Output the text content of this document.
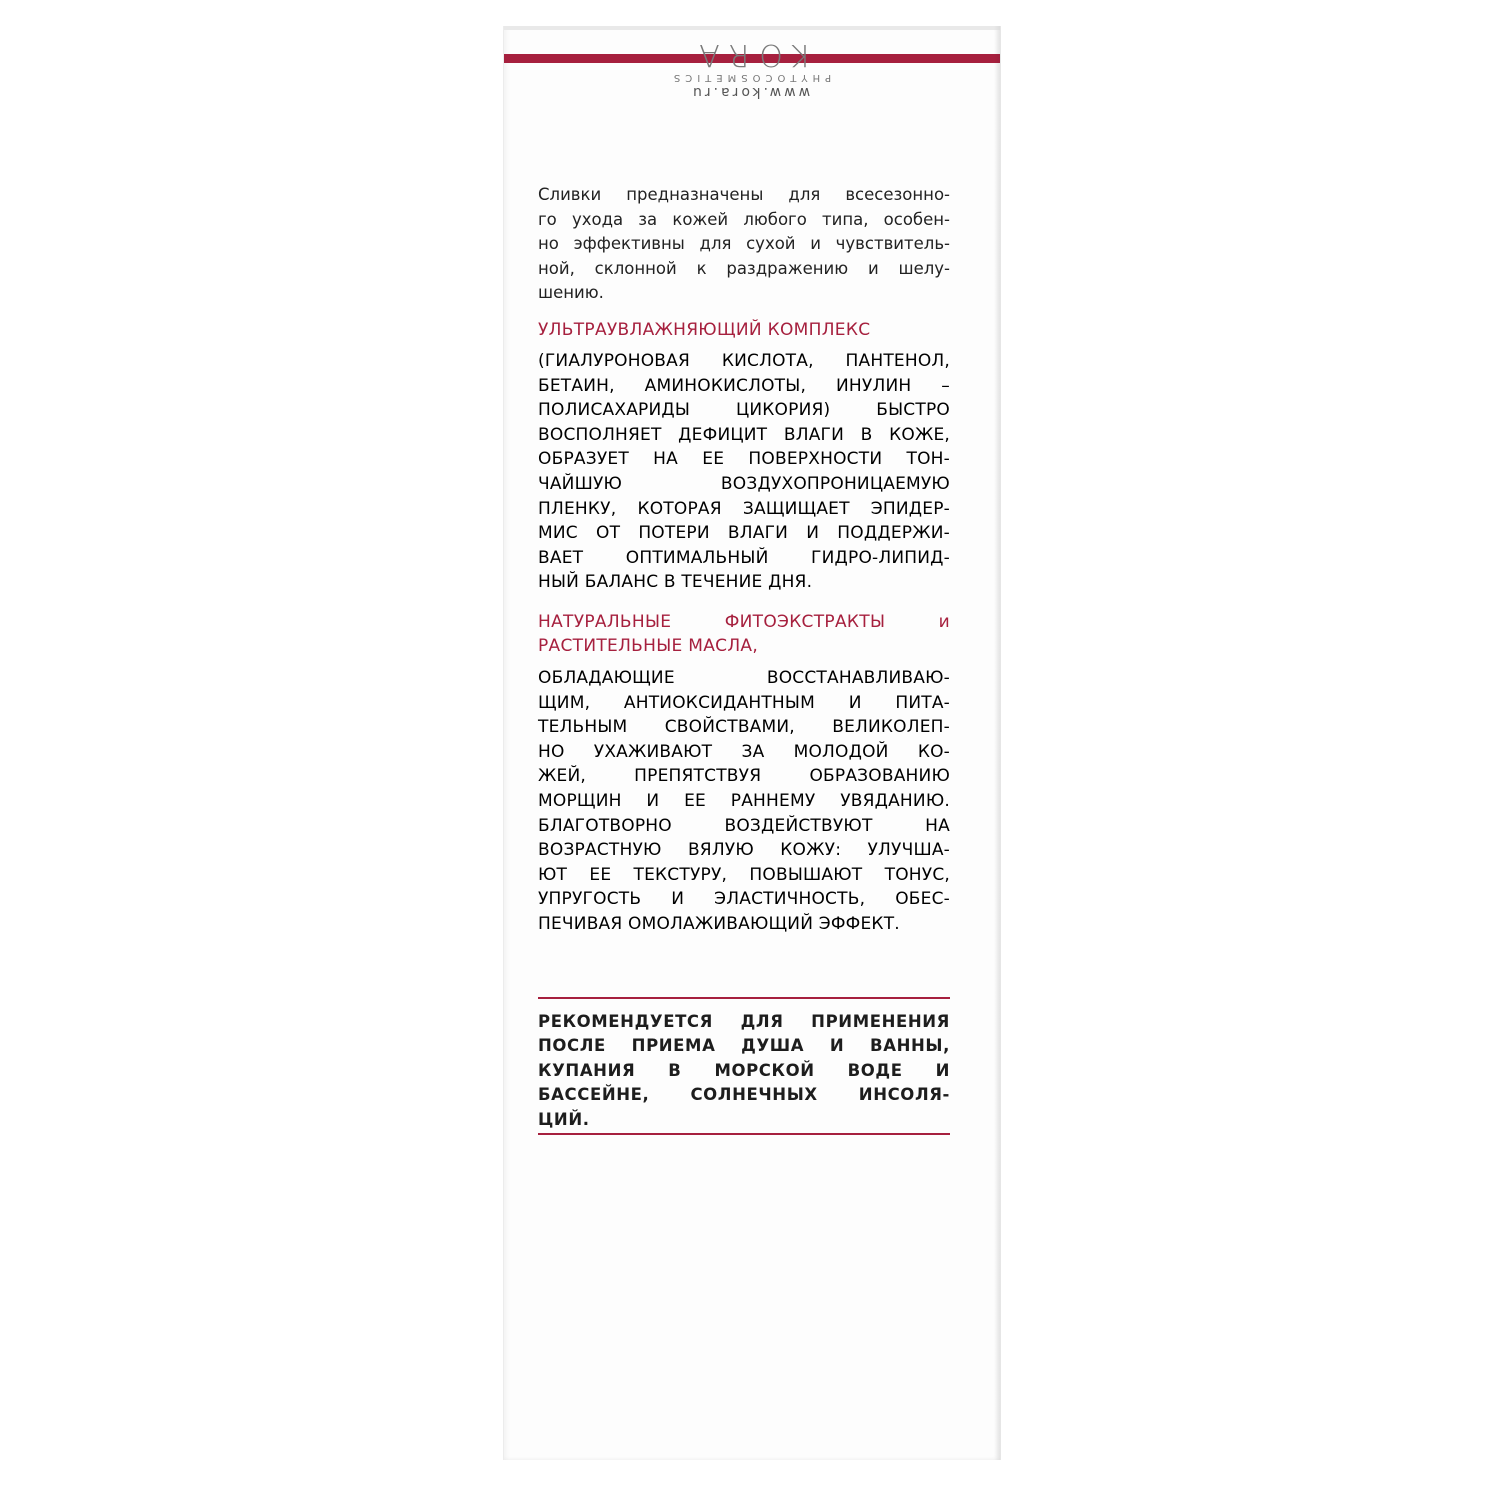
www.kora.ru
PHYTOCOSMETICS
KORA

Сливки предназначены для всесезонно-
го ухода за кожей любого типа, особен-
но эффективны для сухой и чувствитель-
ной, склонной к раздражению и шелу-
шению.

УЛЬТРАУВЛАЖНЯЮЩИЙ КОМПЛЕКС

(ГИАЛУРОНОВАЯ КИСЛОТА, ПАНТЕНОЛ,
БЕТАИН, АМИНОКИСЛОТЫ, ИНУЛИН –
ПОЛИСАХАРИДЫ ЦИКОРИЯ) БЫСТРО
ВОСПОЛНЯЕТ ДЕФИЦИТ ВЛАГИ В КОЖЕ,
ОБРАЗУЕТ НА ЕЕ ПОВЕРХНОСТИ ТОН-
ЧАЙШУЮ ВОЗДУХОПРОНИЦАЕМУЮ
ПЛЕНКУ, КОТОРАЯ ЗАЩИЩАЕТ ЭПИДЕР-
МИС ОТ ПОТЕРИ ВЛАГИ И ПОДДЕРЖИ-
ВАЕТ ОПТИМАЛЬНЫЙ ГИДРО-ЛИПИД-
НЫЙ БАЛАНС В ТЕЧЕНИЕ ДНЯ.

НАТУРАЛЬНЫЕ ФИТОЭКСТРАКТЫ и
РАСТИТЕЛЬНЫЕ МАСЛА,

ОБЛАДАЮЩИЕ ВОССТАНАВЛИВАЮ-
ЩИМ, АНТИОКСИДАНТНЫМ И ПИТА-
ТЕЛЬНЫМ СВОЙСТВАМИ, ВЕЛИКОЛЕП-
НО УХАЖИВАЮТ ЗА МОЛОДОЙ КО-
ЖЕЙ, ПРЕПЯТСТВУЯ ОБРАЗОВАНИЮ
МОРЩИН И ЕЕ РАННЕМУ УВЯДАНИЮ.
БЛАГОТВОРНО ВОЗДЕЙСТВУЮТ НА
ВОЗРАСТНУЮ ВЯЛУЮ КОЖУ: УЛУЧША-
ЮТ ЕЕ ТЕКСТУРУ, ПОВЫШАЮТ ТОНУС,
УПРУГОСТЬ И ЭЛАСТИЧНОСТЬ, ОБЕС-
ПЕЧИВАЯ ОМОЛАЖИВАЮЩИЙ ЭФФЕКТ.

РЕКОМЕНДУЕТСЯ ДЛЯ ПРИМЕНЕНИЯ
ПОСЛЕ ПРИЕМА ДУША И ВАННЫ,
КУПАНИЯ В МОРСКОЙ ВОДЕ И
БАССЕЙНЕ, СОЛНЕЧНЫХ ИНСОЛЯ-
ЦИЙ.
